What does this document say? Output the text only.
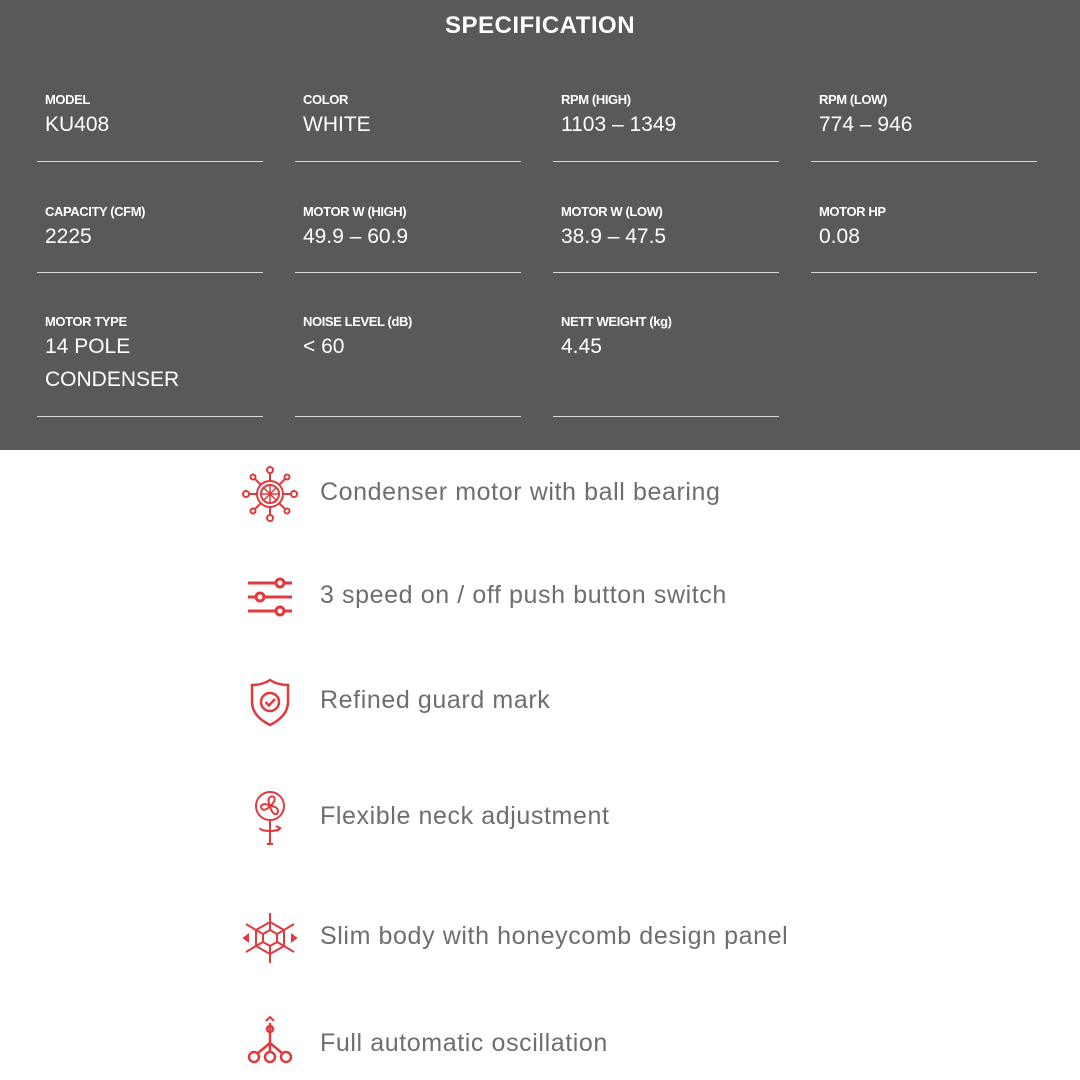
SPECIFICATION
MODEL
KU408
COLOR
WHITE
RPM (HIGH)
1103 – 1349
RPM (LOW)
774 – 946
CAPACITY (CFM)
2225
MOTOR W (HIGH)
49.9 – 60.9
MOTOR W (LOW)
38.9 – 47.5
MOTOR HP
0.08
MOTOR TYPE
14 POLE CONDENSER
NOISE LEVEL (dB)
< 60
NETT WEIGHT (kg)
4.45
Condenser motor with ball bearing
3 speed on / off push button switch
Refined guard mark
Flexible neck adjustment
Slim body with honeycomb design panel
Full automatic oscillation
